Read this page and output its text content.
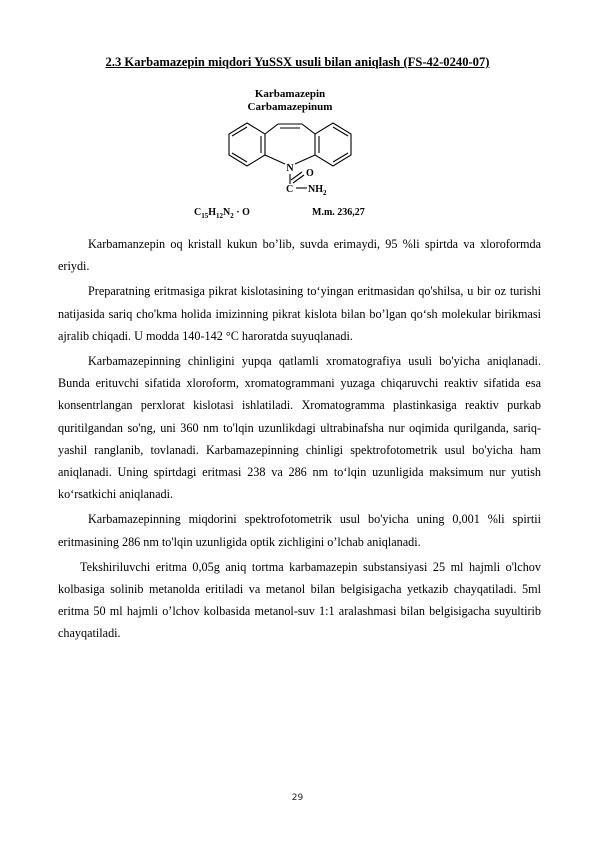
2.3 Karbamazepin miqdori YuSSX usuli bilan aniqlash (FS-42-0240-07)
Karbamazepin
Carbamazepinum
N O
C $NH_2$
$C_{15}H_{12}N_2 \cdot O$	M.m. 236,27

Karbamanzepin oq kristall kukun bo’lib, suvda erimaydi, 95 %li spirtda va xloroformda eriydi.

Preparatning eritmasiga pikrat kislotasining to‘yingan eritmasidan qo'shilsa, u bir oz turishi natijasida sariq cho'kma holida imizinning pikrat kislota bilan bo’lgan qo‘sh molekular birikmasi ajralib chiqadi. U modda 140-142 °C haroratda suyuqlanadi.

Karbamazepinning chinligini yupqa qatlamli xromatografiya usuli bo'yicha aniqlanadi. Bunda erituvchi sifatida xloroform, xromatogrammani yuzaga chiqaruvchi reaktiv sifatida esa konsentrlangan perxlorat kislotasi ishlatiladi. Xromatogramma plastinkasiga reaktiv purkab quritilgandan so'ng, uni 360 nm to'lqin uzunlikdagi ultrabinafsha nur oqimida qurilganda, sariq-yashil ranglanib, tovlanadi. Karbamazepinning chinligi spektrofotometrik usul bo'yicha ham aniqlanadi. Uning spirtdagi eritmasi 238 va 286 nm to‘lqin uzunligida maksimum nur yutish ko‘rsatkichi aniqlanadi.

Karbamazepinning miqdorini spektrofotometrik usul bo'yicha uning 0,001 %li spirtii eritmasining 286 nm to'lqin uzunligida optik zichligini o’lchab aniqlanadi.

Tekshiriluvchi eritma 0,05g aniq tortma karbamazepin substansiyasi 25 ml hajmli o'lchov kolbasiga solinib metanolda eritiladi va metanol bilan belgisigacha yetkazib chayqatiladi. 5ml eritma 50 ml hajmli o’lchov kolbasida metanol-suv 1:1 aralashmasi bilan belgisigacha suyultirib chayqatiladi.

29
